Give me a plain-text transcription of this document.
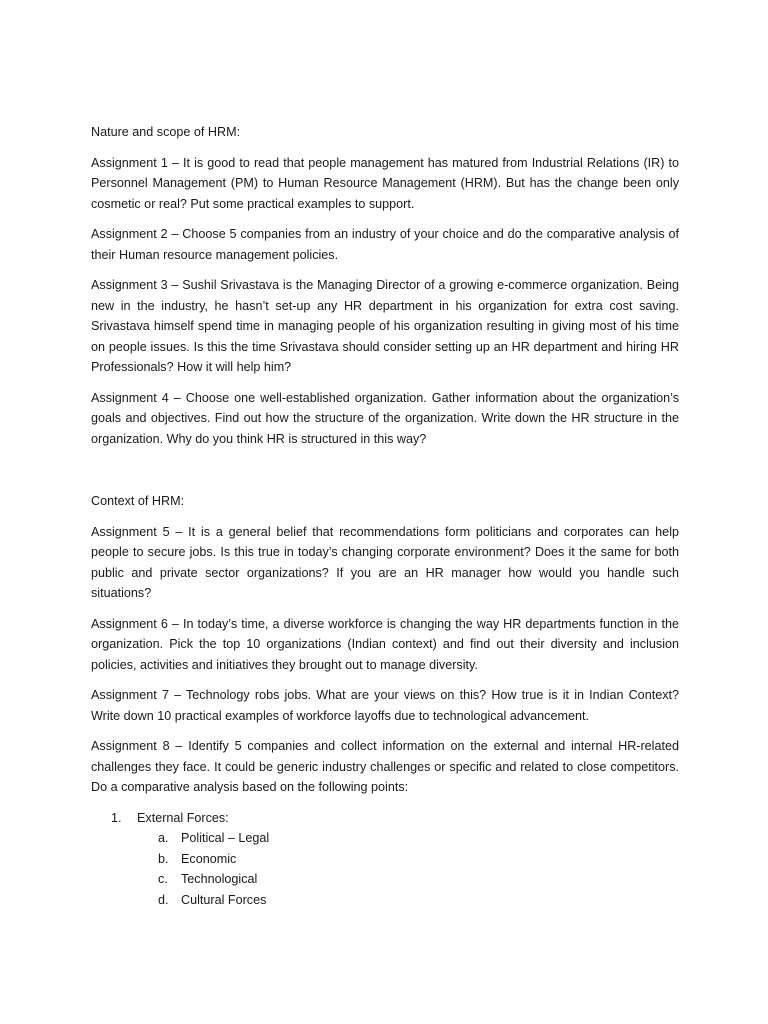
Nature and scope of HRM:

Assignment 1 – It is good to read that people management has matured from Industrial Relations (IR) to Personnel Management (PM) to Human Resource Management (HRM). But has the change been only cosmetic or real? Put some practical examples to support.

Assignment 2 – Choose 5 companies from an industry of your choice and do the comparative analysis of their Human resource management policies.

Assignment 3 – Sushil Srivastava is the Managing Director of a growing e-commerce organization. Being new in the industry, he hasn’t set-up any HR department in his organization for extra cost saving. Srivastava himself spend time in managing people of his organization resulting in giving most of his time on people issues. Is this the time Srivastava should consider setting up an HR department and hiring HR Professionals? How it will help him?

Assignment 4 – Choose one well-established organization. Gather information about the organization’s goals and objectives. Find out how the structure of the organization. Write down the HR structure in the organization. Why do you think HR is structured in this way?

Context of HRM:

Assignment 5 – It is a general belief that recommendations form politicians and corporates can help people to secure jobs. Is this true in today’s changing corporate environment? Does it the same for both public and private sector organizations? If you are an HR manager how would you handle such situations?

Assignment 6 – In today’s time, a diverse workforce is changing the way HR departments function in the organization. Pick the top 10 organizations (Indian context) and find out their diversity and inclusion policies, activities and initiatives they brought out to manage diversity.

Assignment 7 – Technology robs jobs. What are your views on this? How true is it in Indian Context? Write down 10 practical examples of workforce layoffs due to technological advancement.

Assignment 8 – Identify 5 companies and collect information on the external and internal HR-related challenges they face. It could be generic industry challenges or specific and related to close competitors. Do a comparative analysis based on the following points:

1. External Forces:
a. Political – Legal
b. Economic
c. Technological
d. Cultural Forces
